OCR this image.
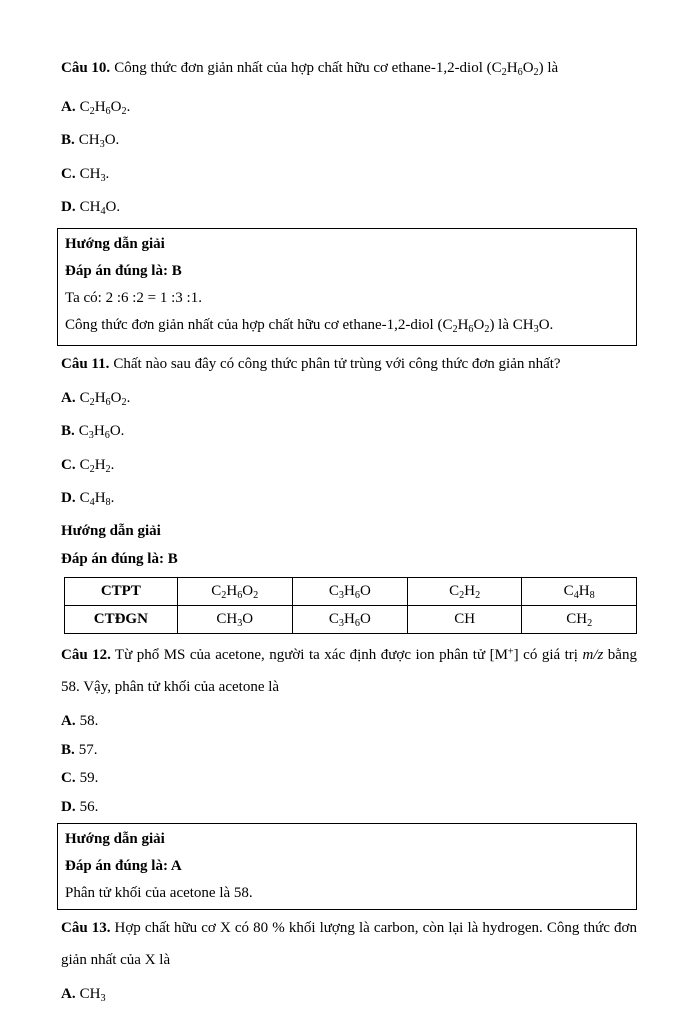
Câu 10. Công thức đơn giản nhất của hợp chất hữu cơ ethane-1,2-diol $(C_2H_6O_2)$ là

A. $C_2H_6O_2$.

B. $CH_3O$.

C. $CH_3$.

D. $CH_4O$.

Hướng dẫn giải

Đáp án đúng là: B

Ta có: 2 :6 :2 = 1 :3 :1.

Công thức đơn giản nhất của hợp chất hữu cơ ethane-1,2-diol $(C_2H_6O_2)$ là $CH_3O$.

Câu 11. Chất nào sau đây có công thức phân tử trùng với công thức đơn giản nhất?

A. $C_2H_6O_2$.

B. $C_3H_6O$.

C. $C_2H_2$.

D. $C_4H_8$.

Hướng dẫn giải

Đáp án đúng là: B

CTPT	$C_2H_6O_2$	$C_3H_6O$	$C_2H_2$	$C_4H_8$
CTĐGN	$CH_3O$	$C_3H_6O$	CH	$CH_2$

Câu 12. Từ phổ MS của acetone, người ta xác định được ion phân tử [M+] có giá trị m/z bằng 58. Vậy, phân tử khối của acetone là

A. 58.

B. 57.

C. 59.

D. 56.

Hướng dẫn giải

Đáp án đúng là: A

Phân tử khối của acetone là 58.

Câu 13. Hợp chất hữu cơ X có 80 % khối lượng là carbon, còn lại là hydrogen. Công thức đơn giản nhất của X là

A. $CH_3$
